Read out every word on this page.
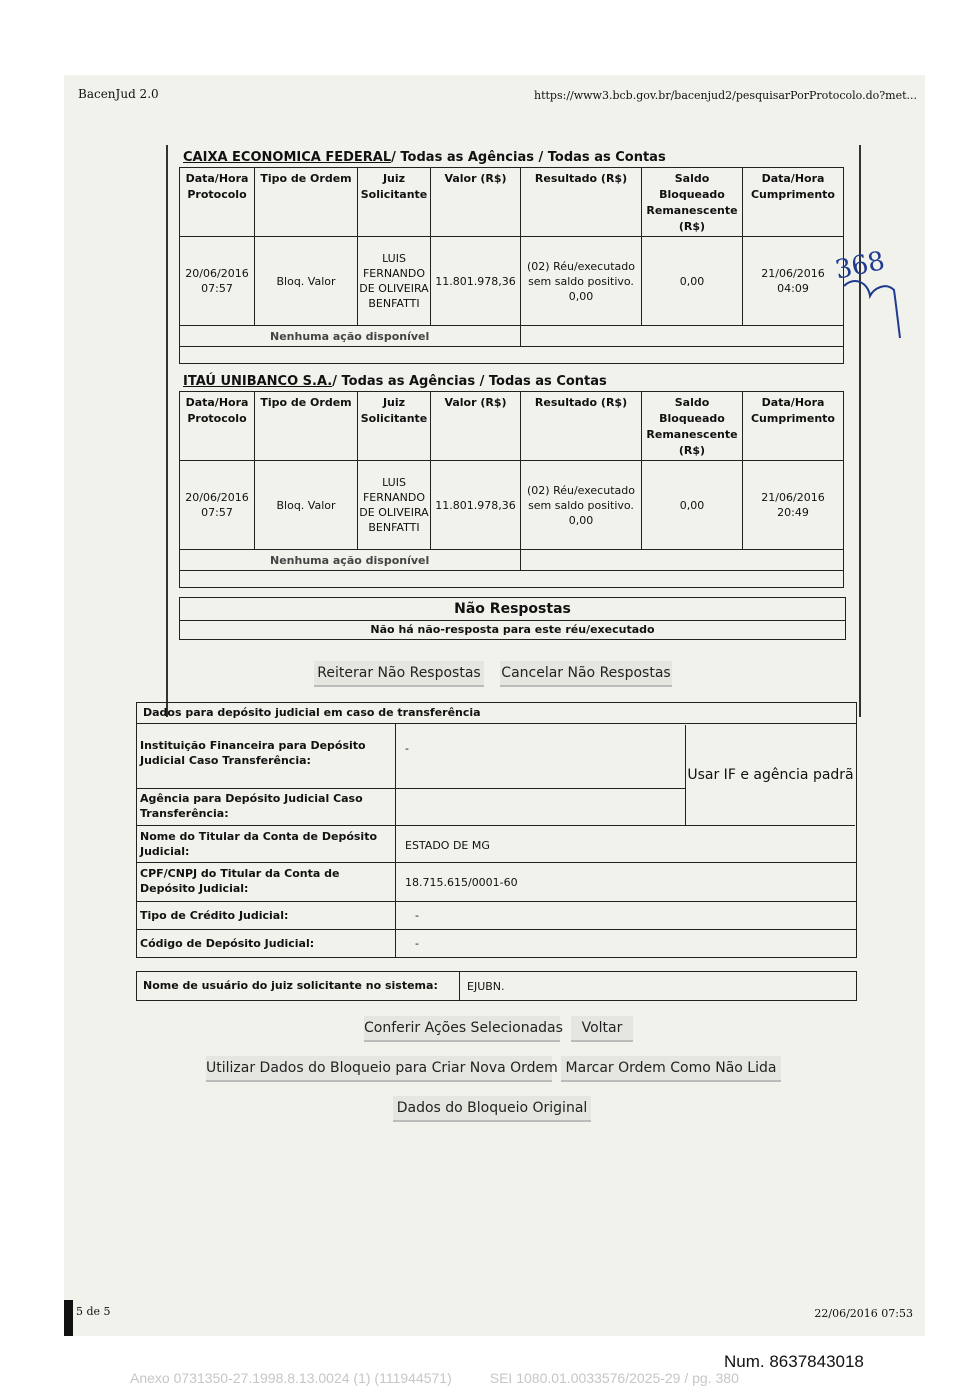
BacenJud 2.0	https://www3.bcb.gov.br/bacenjud2/pesquisarPorProtocolo.do?met...
CAIXA ECONOMICA FEDERAL/ Todas as Agências / Todas as Contas
Data/Hora Protocolo	Tipo de Ordem	Juiz Solicitante	Valor (R$)	Resultado (R$)	Saldo Bloqueado Remanescente (R$)	Data/Hora Cumprimento
20/06/2016 07:57	Bloq. Valor	LUIS FERNANDO DE OLIVEIRA BENFATTI	11.801.978,36	(02) Réu/executado sem saldo positivo. 0,00	0,00	21/06/2016 04:09
Nenhuma ação disponível						
ITAÚ UNIBANCO S.A./ Todas as Agências / Todas as Contas
Data/Hora Protocolo	Tipo de Ordem	Juiz Solicitante	Valor (R$)	Resultado (R$)	Saldo Bloqueado Remanescente (R$)	Data/Hora Cumprimento
20/06/2016 07:57	Bloq. Valor	LUIS FERNANDO DE OLIVEIRA BENFATTI	11.801.978,36	(02) Réu/executado sem saldo positivo. 0,00	0,00	21/06/2016 20:49
Nenhuma ação disponível						
Não Respostas
Não há não-resposta para este réu/executado
Reiterar Não Respostas Cancelar Não Respostas
Dados para depósito judicial em caso de transferência
Instituição Financeira para Depósito Judicial Caso Transferência:
-
Agência para Depósito Judicial Caso Transferência:
Nome do Titular da Conta de Depósito Judicial:	ESTADO DE MG
CPF/CNPJ do Titular da Conta de Depósito Judicial:	18.715.615/0001-60
Tipo de Crédito Judicial:	-
Código de Depósito Judicial:	-
Usar IF e agência padrã
Nome de usuário do juiz solicitante no sistema:	EJUBN.
Conferir Ações Selecionadas	Voltar
Utilizar Dados do Bloqueio para Criar Nova Ordem Marcar Ordem Como Não Lida
Dados do Bloqueio Original
5 de 5	22/06/2016 07:53
368
Num. 8637843018
Anexo 0731350-27.1998.8.13.0024 (1) (111944571)	SEI 1080.01.0033576/2025-29 / pg. 380
